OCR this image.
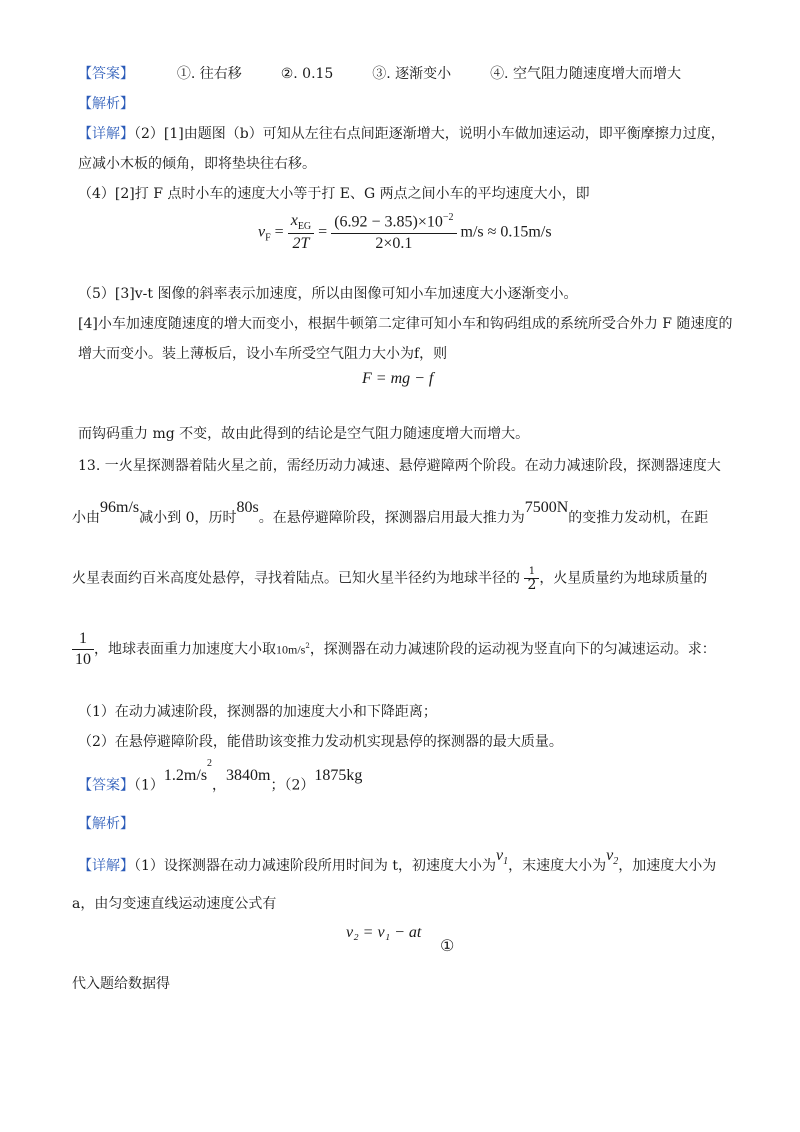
【答案】	①. 往右移	②. 0.15	③. 逐渐变小	④. 空气阻力随速度增大而增大
【解析】
【详解】（2）[1]由题图（b）可知从左往右点间距逐渐增大，说明小车做加速运动，即平衡摩擦力过度，
应减小木板的倾角，即将垫块往右移。
（4）[2]打 F 点时小车的速度大小等于打 E、G 两点之间小车的平均速度大小，即
$v_F = \frac{x_{EG}}{2T} = \frac{(6.92 - 3.85)\times 10^{-2}}{2\times 0.1} m/s \approx 0.15m/s$
（5）[3]v-t 图像的斜率表示加速度，所以由图像可知小车加速度大小逐渐变小。
[4]小车加速度随速度的增大而变小，根据牛顿第二定律可知小车和钩码组成的系统所受合外力 F 随速度的
增大而变小。装上薄板后，设小车所受空气阻力大小为f，则
F = mg − f
而钩码重力 mg 不变，故由此得到的结论是空气阻力随速度增大而增大。
13. 一火星探测器着陆火星之前，需经历动力减速、悬停避障两个阶段。在动力减速阶段，探测器速度大
小由96m/s减小到 0，历时80s。在悬停避障阶段，探测器启用最大推力为7500N的变推力发动机，在距
火星表面约百米高度处悬停，寻找着陆点。已知火星半径约为地球半径的 $\frac{1}{2}$ ，火星质量约为地球质量的
$\frac{1}{10}$ ，地球表面重力加速度大小取$10m/s^2$，探测器在动力减速阶段的运动视为竖直向下的匀减速运动。求：
（1）在动力减速阶段，探测器的加速度大小和下降距离；
（2）在悬停避障阶段，能借助该变推力发动机实现悬停的探测器的最大质量。
【答案】$(1)1.2m/s^2$，3840m；（2）1875kg
【解析】
【详解】（1）设探测器在动力减速阶段所用时间为 t，初速度大小为$v_1$，末速度大小为$v_2$，加速度大小为
a，由匀变速直线运动速度公式有
v₂ = v₁ − at
①
代入题给数据得
